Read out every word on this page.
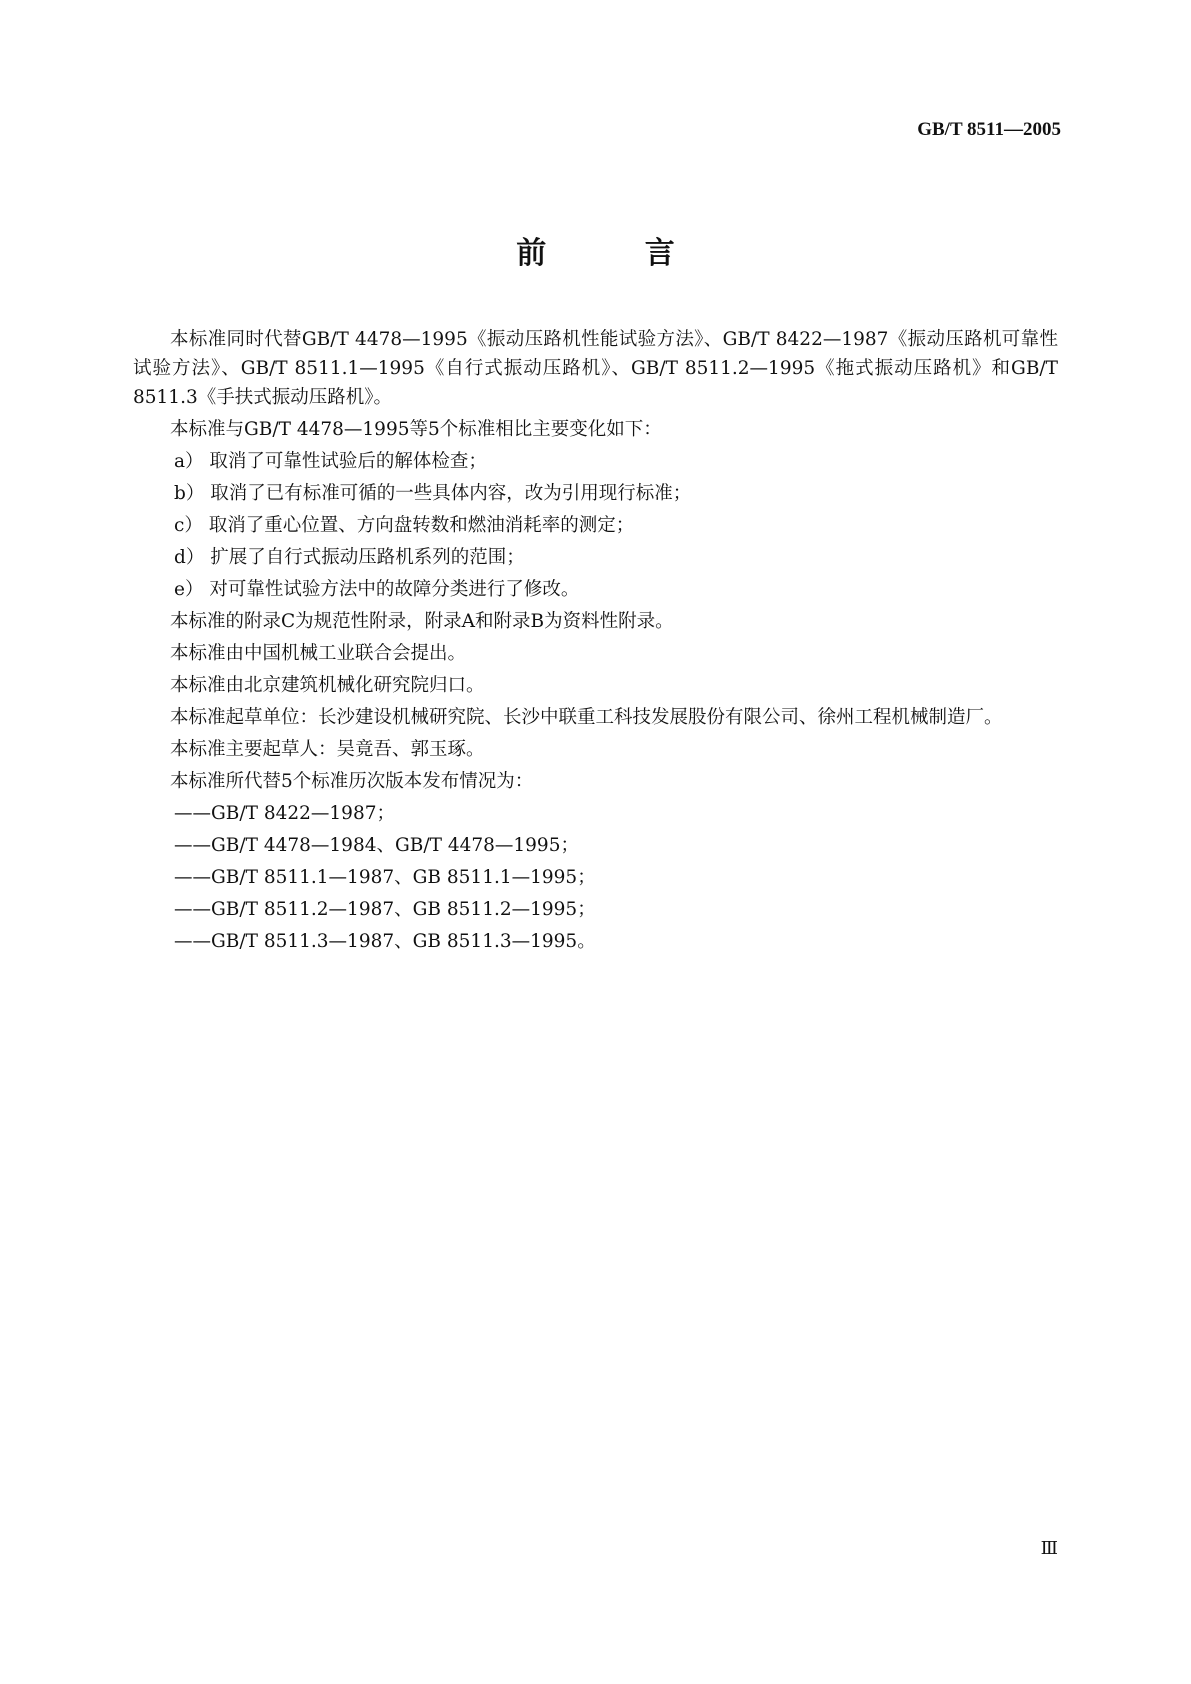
GB/T 8511—2005
前 言

本标准同时代替GB/T 4478—1995《振动压路机性能试验方法》、GB/T 8422—1987《振动压路机可靠性试验方法》、GB/T 8511.1—1995《自行式振动压路机》、GB/T 8511.2—1995《拖式振动压路机》和GB/T 8511.3《手扶式振动压路机》。

本标准与GB/T 4478—1995等5个标准相比主要变化如下：

a） 取消了可靠性试验后的解体检查；

b） 取消了已有标准可循的一些具体内容，改为引用现行标准；

c） 取消了重心位置、方向盘转数和燃油消耗率的测定；

d） 扩展了自行式振动压路机系列的范围；

e） 对可靠性试验方法中的故障分类进行了修改。

本标准的附录C为规范性附录，附录A和附录B为资料性附录。

本标准由中国机械工业联合会提出。

本标准由北京建筑机械化研究院归口。

本标准起草单位：长沙建设机械研究院、长沙中联重工科技发展股份有限公司、徐州工程机械制造厂。

本标准主要起草人：吴竟吾、郭玉琢。

本标准所代替5个标准历次版本发布情况为：

——GB/T 8422—1987；

——GB/T 4478—1984、GB/T 4478—1995；

——GB/T 8511.1—1987、GB 8511.1—1995；

——GB/T 8511.2—1987、GB 8511.2—1995；

——GB/T 8511.3—1987、GB 8511.3—1995。

Ⅲ
